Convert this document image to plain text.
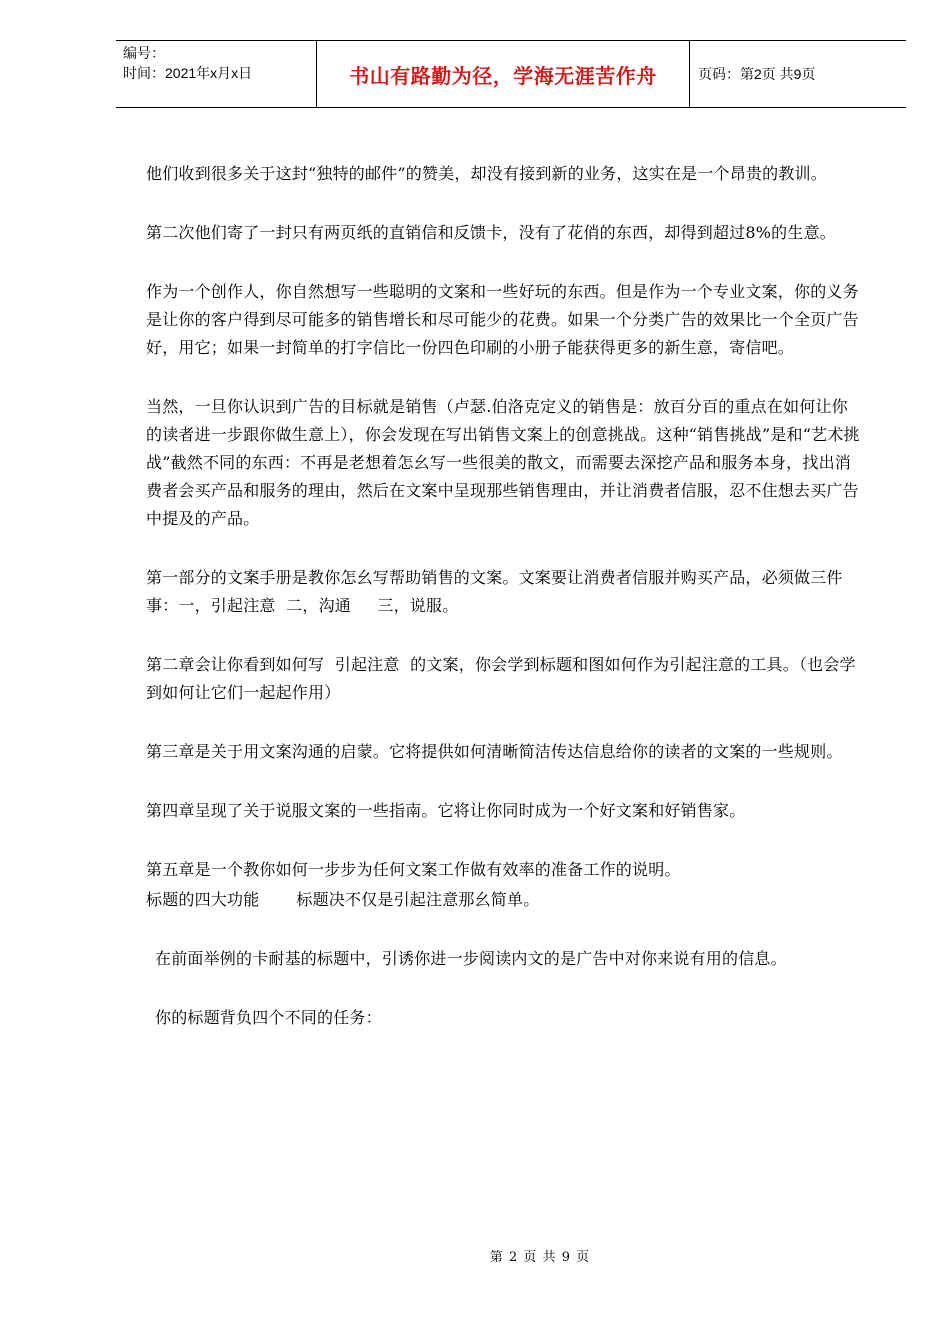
编号：
时间：2021年x月x日	书山有路勤为径，学海无涯苦作舟	页码：第2页 共9页

他们收到很多关于这封“独特的邮件”的赞美，却没有接到新的业务，这实在是一个昂贵的教训。

第二次他们寄了一封只有两页纸的直销信和反馈卡，没有了花俏的东西，却得到超过8%的生意。

作为一个创作人，你自然想写一些聪明的文案和一些好玩的东西。但是作为一个专业文案，你的义务是让你的客户得到尽可能多的销售增长和尽可能少的花费。如果一个分类广告的效果比一个全页广告好，用它；如果一封简单的打字信比一份四色印刷的小册子能获得更多的新生意，寄信吧。

当然，一旦你认识到广告的目标就是销售（卢瑟.伯洛克定义的销售是：放百分百的重点在如何让你的读者进一步跟你做生意上），你会发现在写出销售文案上的创意挑战。这种“销售挑战”是和“艺术挑战”截然不同的东西：不再是老想着怎幺写一些很美的散文，而需要去深挖产品和服务本身，找出消费者会买产品和服务的理由，然后在文案中呈现那些销售理由，并让消费者信服，忍不住想去买广告中提及的产品。

第一部分的文案手册是教你怎幺写帮助销售的文案。文案要让消费者信服并购买产品，必须做三件事：一，引起注意  二，沟通     三，说服。

第二章会让你看到如何写  引起注意  的文案，你会学到标题和图如何作为引起注意的工具。（也会学到如何让它们一起起作用）

第三章是关于用文案沟通的启蒙。它将提供如何清晰简洁传达信息给你的读者的文案的一些规则。

第四章呈现了关于说服文案的一些指南。它将让你同时成为一个好文案和好销售家。

第五章是一个教你如何一步步为任何文案工作做有效率的准备工作的说明。

标题的四大功能       标题决不仅是引起注意那幺简单。

在前面举例的卡耐基的标题中，引诱你进一步阅读内文的是广告中对你来说有用的信息。

你的标题背负四个不同的任务：

第 2 页 共 9 页
